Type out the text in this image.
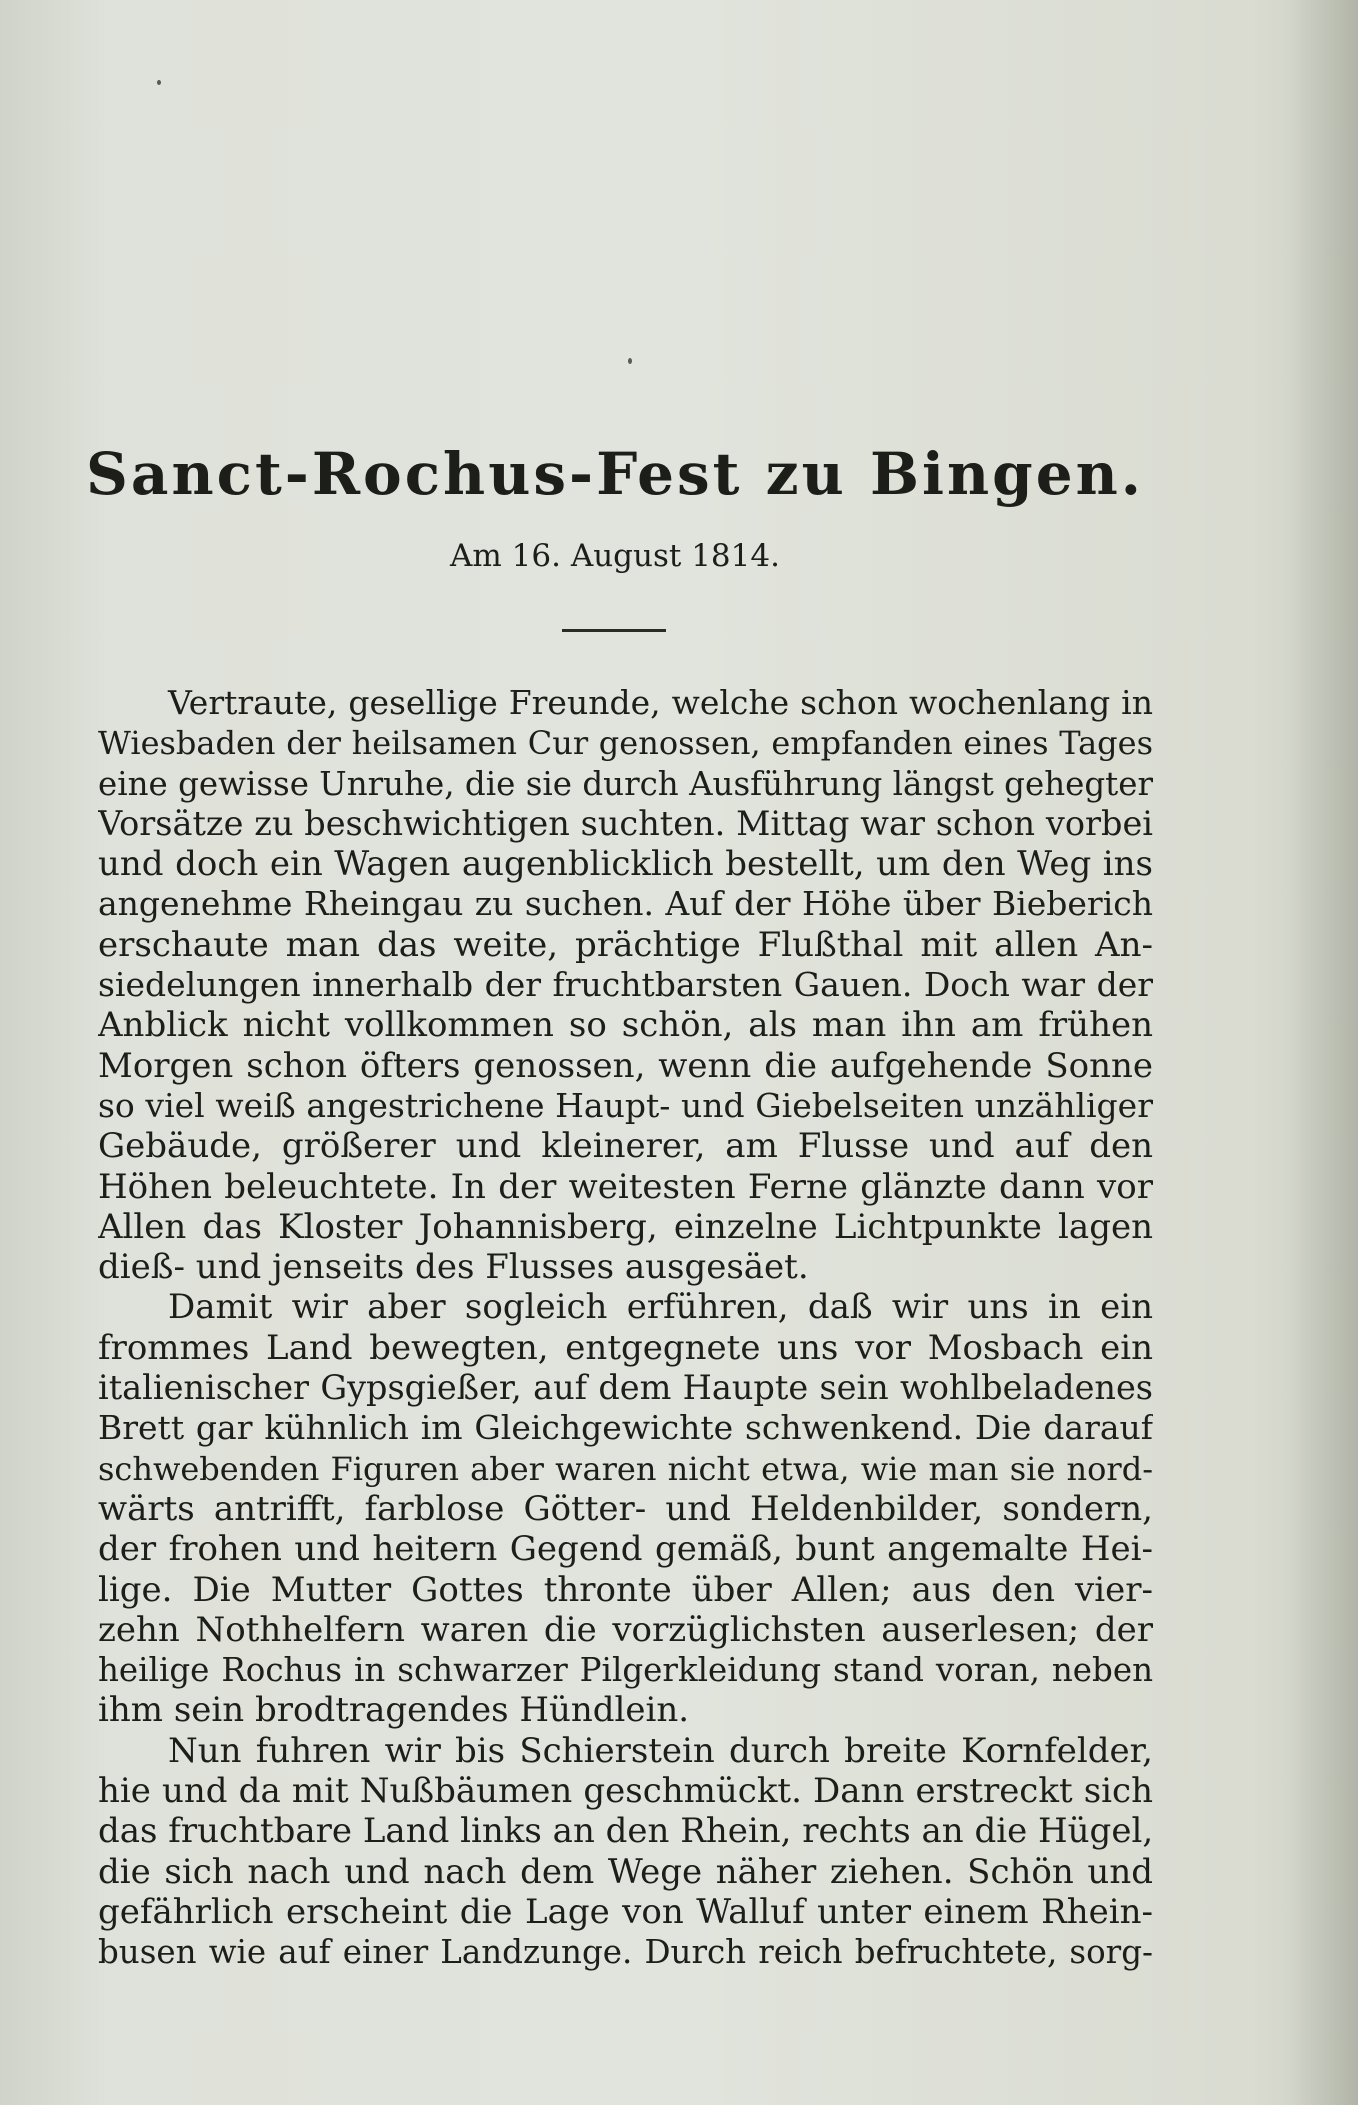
Sanct-Rochus-Fest zu Bingen.
Am 16. August 1814.
Vertraute, gesellige Freunde, welche schon wochenlang in
Wiesbaden der heilsamen Cur genossen, empfanden eines Tages
eine gewisse Unruhe, die sie durch Ausführung längst gehegter
Vorsätze zu beschwichtigen suchten. Mittag war schon vorbei
und doch ein Wagen augenblicklich bestellt, um den Weg ins
angenehme Rheingau zu suchen. Auf der Höhe über Bieberich
erschaute man das weite, prächtige Flußthal mit allen An-
siedelungen innerhalb der fruchtbarsten Gauen. Doch war der
Anblick nicht vollkommen so schön, als man ihn am frühen
Morgen schon öfters genossen, wenn die aufgehende Sonne
so viel weiß angestrichene Haupt- und Giebelseiten unzähliger
Gebäude, größerer und kleinerer, am Flusse und auf den
Höhen beleuchtete. In der weitesten Ferne glänzte dann vor
Allen das Kloster Johannisberg, einzelne Lichtpunkte lagen
dieß- und jenseits des Flusses ausgesäet.
Damit wir aber sogleich erführen, daß wir uns in ein
frommes Land bewegten, entgegnete uns vor Mosbach ein
italienischer Gypsgießer, auf dem Haupte sein wohlbeladenes
Brett gar kühnlich im Gleichgewichte schwenkend. Die darauf
schwebenden Figuren aber waren nicht etwa, wie man sie nord-
wärts antrifft, farblose Götter- und Heldenbilder, sondern,
der frohen und heitern Gegend gemäß, bunt angemalte Hei-
lige. Die Mutter Gottes thronte über Allen; aus den vier-
zehn Nothhelfern waren die vorzüglichsten auserlesen; der
heilige Rochus in schwarzer Pilgerkleidung stand voran, neben
ihm sein brodtragendes Hündlein.
Nun fuhren wir bis Schierstein durch breite Kornfelder,
hie und da mit Nußbäumen geschmückt. Dann erstreckt sich
das fruchtbare Land links an den Rhein, rechts an die Hügel,
die sich nach und nach dem Wege näher ziehen. Schön und
gefährlich erscheint die Lage von Walluf unter einem Rhein-
busen wie auf einer Landzunge. Durch reich befruchtete, sorg-
